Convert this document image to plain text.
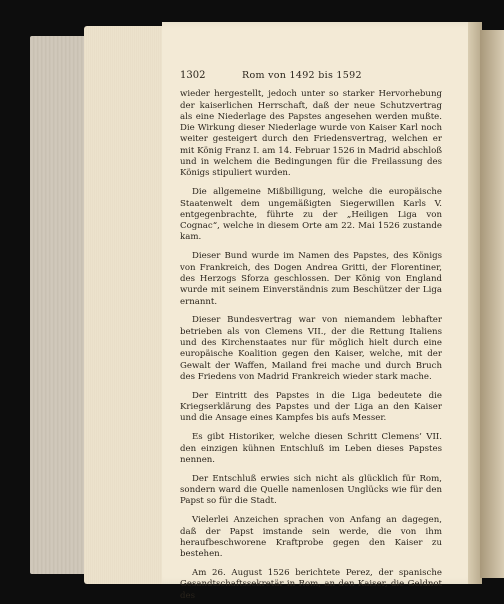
1302	Rom von 1492 bis 1592

wieder hergestellt, jedoch unter so starker Hervorhebung der kaiserlichen Herrschaft, daß der neue Schutzvertrag als eine Niederlage des Papstes angesehen werden mußte. Die Wirkung dieser Niederlage wurde von Kaiser Karl noch weiter gesteigert durch den Friedensvertrag, welchen er mit König Franz I. am 14. Februar 1526 in Madrid abschloß und in welchem die Bedingungen für die Freilassung des Königs stipuliert wurden.

Die allgemeine Mißbilligung, welche die europäische Staatenwelt dem ungemäßigten Siegerwillen Karls V. entgegenbrachte, führte zu der „Heiligen Liga von Cognac“, welche in diesem Orte am 22. Mai 1526 zustande kam.

Dieser Bund wurde im Namen des Papstes, des Königs von Frankreich, des Dogen Andrea Gritti, der Florentiner, des Herzogs Sforza geschlossen. Der König von England wurde mit seinem Einverständnis zum Beschützer der Liga ernannt.

Dieser Bundesvertrag war von niemandem lebhafter betrieben als von Clemens VII., der die Rettung Italiens und des Kirchenstaates nur für möglich hielt durch eine europäische Koalition gegen den Kaiser, welche, mit der Gewalt der Waffen, Mailand frei mache und durch Bruch des Friedens von Madrid Frankreich wieder stark mache.

Der Eintritt des Papstes in die Liga bedeutete die Kriegserklärung des Papstes und der Liga an den Kaiser und die Ansage eines Kampfes bis aufs Messer.

Es gibt Historiker, welche diesen Schritt Clemens’ VII. den einzigen kühnen Entschluß im Leben dieses Papstes nennen.

Der Entschluß erwies sich nicht als glücklich für Rom, sondern ward die Quelle namenlosen Unglücks wie für den Papst so für die Stadt.

Vielerlei Anzeichen sprachen von Anfang an dagegen, daß der Papst imstande sein werde, die von ihm heraufbeschworene Kraftprobe gegen den Kaiser zu bestehen.

Am 26. August 1526 berichtete Perez, der spanische Gesandtschaftssekretär in Rom, an den Kaiser, die Geldnot des
